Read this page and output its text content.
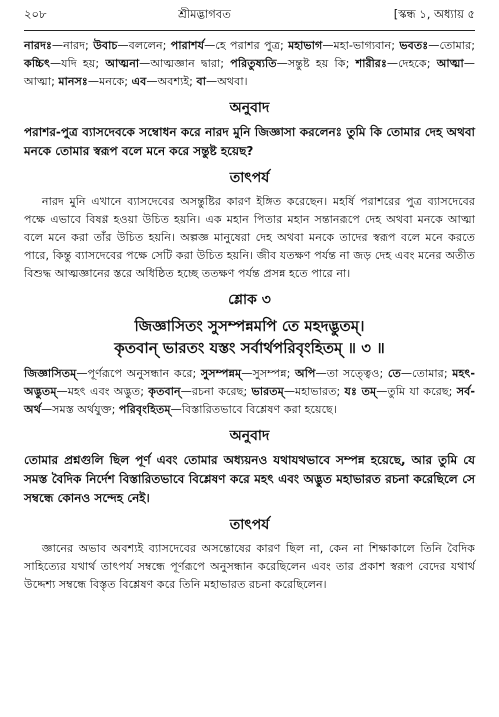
২০৮	শ্রীমদ্ভাগবত	[স্কন্ধ ১, অধ্যায় ৫

নারদঃ—নারদ; উবাচ—বললেন; পারাশর্য—হে পরাশর পুত্র; মহাভাগ—মহা-ভাগ্যবান; ভবতঃ—তোমার; কচ্চিৎ—যদি হয়; আত্মনা—আত্মজ্ঞান দ্বারা; পরিতুষ্যতি—সন্তুষ্ট হয় কি; শারীরঃ—দেহকে; আত্মা—আত্মা; মানসঃ—মনকে; এব—অবশ্যই; বা—অথবা।

অনুবাদ

পরাশর-পুত্র ব্যাসদেবকে সম্বোধন করে নারদ মুনি জিজ্ঞাসা করলেনঃ তুমি কি তোমার দেহ অথবা মনকে তোমার স্বরূপ বলে মনে করে সন্তুষ্ট হয়েছ?

তাৎপর্য

নারদ মুনি এখানে ব্যাসদেবের অসন্তুষ্টির কারণ ইঙ্গিত করেছেন। মহর্ষি পরাশরের পুত্র ব্যাসদেবের পক্ষে এভাবে বিষণ্ণ হওয়া উচিত হয়নি। এক মহান পিতার মহান সন্তানরূপে দেহ অথবা মনকে আত্মা বলে মনে করা তাঁর উচিত হয়নি। অল্পজ্ঞ মানুষেরা দেহ অথবা মনকে তাদের স্বরূপ বলে মনে করতে পারে, কিন্তু ব্যাসদেবের পক্ষে সেটি করা উচিত হয়নি। জীব যতক্ষণ পর্যন্ত না জড় দেহ এবং মনের অতীত বিশুদ্ধ আত্মজ্ঞানের স্তরে অধিষ্ঠিত হচ্ছে ততক্ষণ পর্যন্ত প্রসন্ন হতে পারে না।

শ্লোক ৩
জিজ্ঞাসিতং সুসম্পন্নমপি তে মহদদ্ভুতম্।
কৃতবান্ ভারতং যস্তং সর্বার্থপরিবৃংহিতম্ ॥ ৩ ॥

জিজ্ঞাসিতম্—পূর্ণরূপে অনুসন্ধান করে; সুসম্পন্নম্—সুসম্পন্ন; অপি—তা সত্ত্বেও; তে—তোমার; মহৎ-অদ্ভুতম্—মহৎ এবং অদ্ভুত; কৃতবান্—রচনা করেছ; ভারতম্—মহাভারত; যঃ তম্—তুমি যা করেছ; সর্ব-অর্থ—সমস্ত অর্থযুক্ত; পরিবৃংহিতম্—বিস্তারিতভাবে বিশ্লেষণ করা হয়েছে।

অনুবাদ

তোমার প্রশ্নগুলি ছিল পূর্ণ এবং তোমার অধ্যয়নও যথাযথভাবে সম্পন্ন হয়েছে, আর তুমি যে সমস্ত বৈদিক নির্দেশ বিস্তারিতভাবে বিশ্লেষণ করে মহৎ এবং অদ্ভুত মহাভারত রচনা করেছিলে সে সম্বন্ধে কোনও সন্দেহ নেই।

তাৎপর্য

জ্ঞানের অভাব অবশ্যই ব্যাসদেবের অসন্তোষের কারণ ছিল না, কেন না শিক্ষাকালে তিনি বৈদিক সাহিত্যের যথার্থ তাৎপর্য সম্বন্ধে পূর্ণরূপে অনুসন্ধান করেছিলেন এবং তার প্রকাশ স্বরূপ বেদের যথার্থ উদ্দেশ্য সম্বন্ধে বিস্তৃত বিশ্লেষণ করে তিনি মহাভারত রচনা করেছিলেন।
